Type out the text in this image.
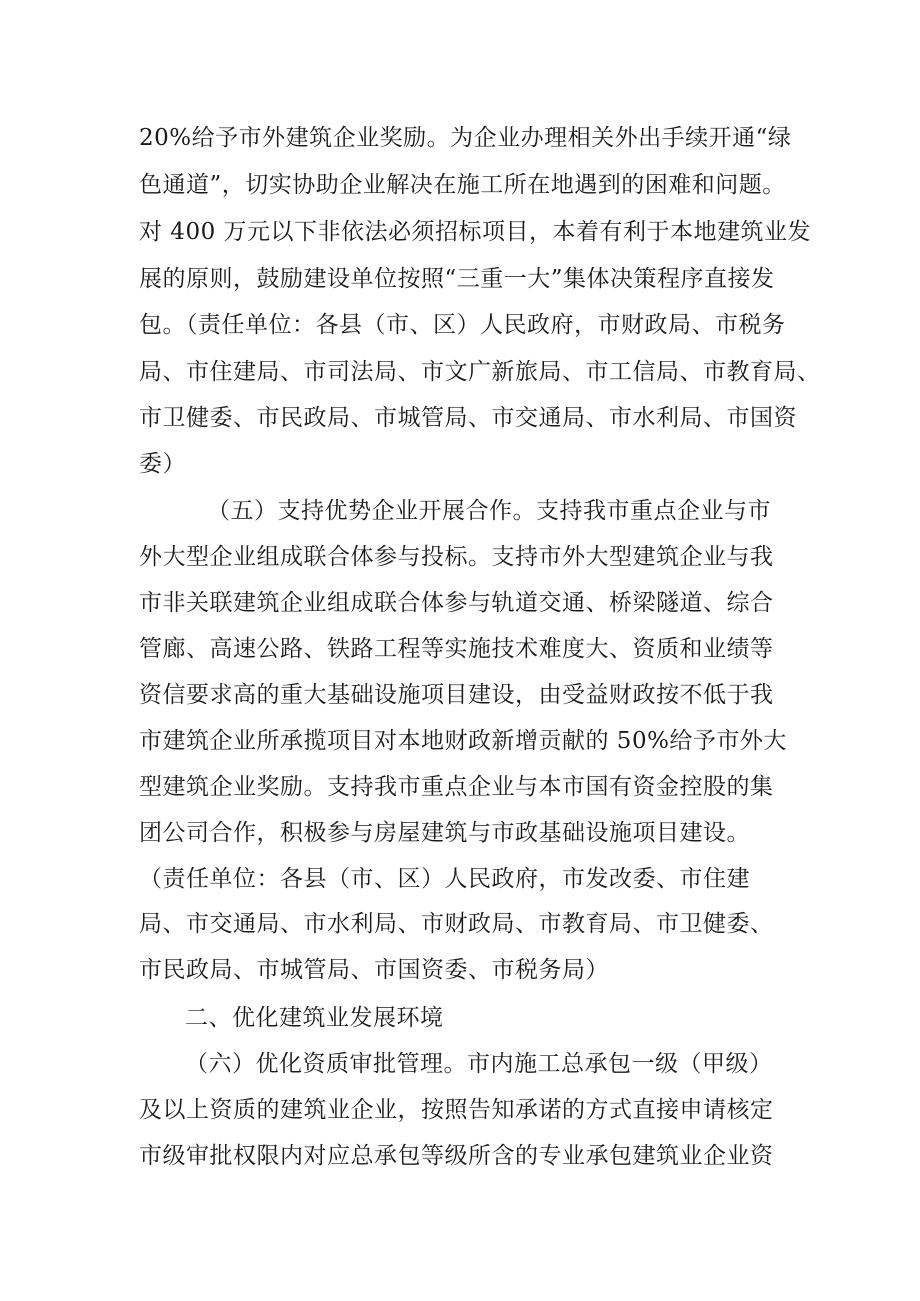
20%给予市外建筑企业奖励。为企业办理相关外出手续开通“绿
色通道”，切实协助企业解决在施工所在地遇到的困难和问题。
对 400 万元以下非依法必须招标项目，本着有利于本地建筑业发
展的原则，鼓励建设单位按照“三重一大”集体决策程序直接发
包。（责任单位：各县（市、区）人民政府，市财政局、市税务
局、市住建局、市司法局、市文广新旅局、市工信局、市教育局、
市卫健委、市民政局、市城管局、市交通局、市水利局、市国资
委）
（五）支持优势企业开展合作。支持我市重点企业与市
外大型企业组成联合体参与投标。支持市外大型建筑企业与我
市非关联建筑企业组成联合体参与轨道交通、桥梁隧道、综合
管廊、高速公路、铁路工程等实施技术难度大、资质和业绩等
资信要求高的重大基础设施项目建设，由受益财政按不低于我
市建筑企业所承揽项目对本地财政新增贡献的 50%给予市外大
型建筑企业奖励。支持我市重点企业与本市国有资金控股的集
团公司合作，积极参与房屋建筑与市政基础设施项目建设。
（责任单位：各县（市、区）人民政府，市发改委、市住建
局、市交通局、市水利局、市财政局、市教育局、市卫健委、
市民政局、市城管局、市国资委、市税务局）
二、优化建筑业发展环境
（六）优化资质审批管理。市内施工总承包一级（甲级）
及以上资质的建筑业企业，按照告知承诺的方式直接申请核定
市级审批权限内对应总承包等级所含的专业承包建筑业企业资
